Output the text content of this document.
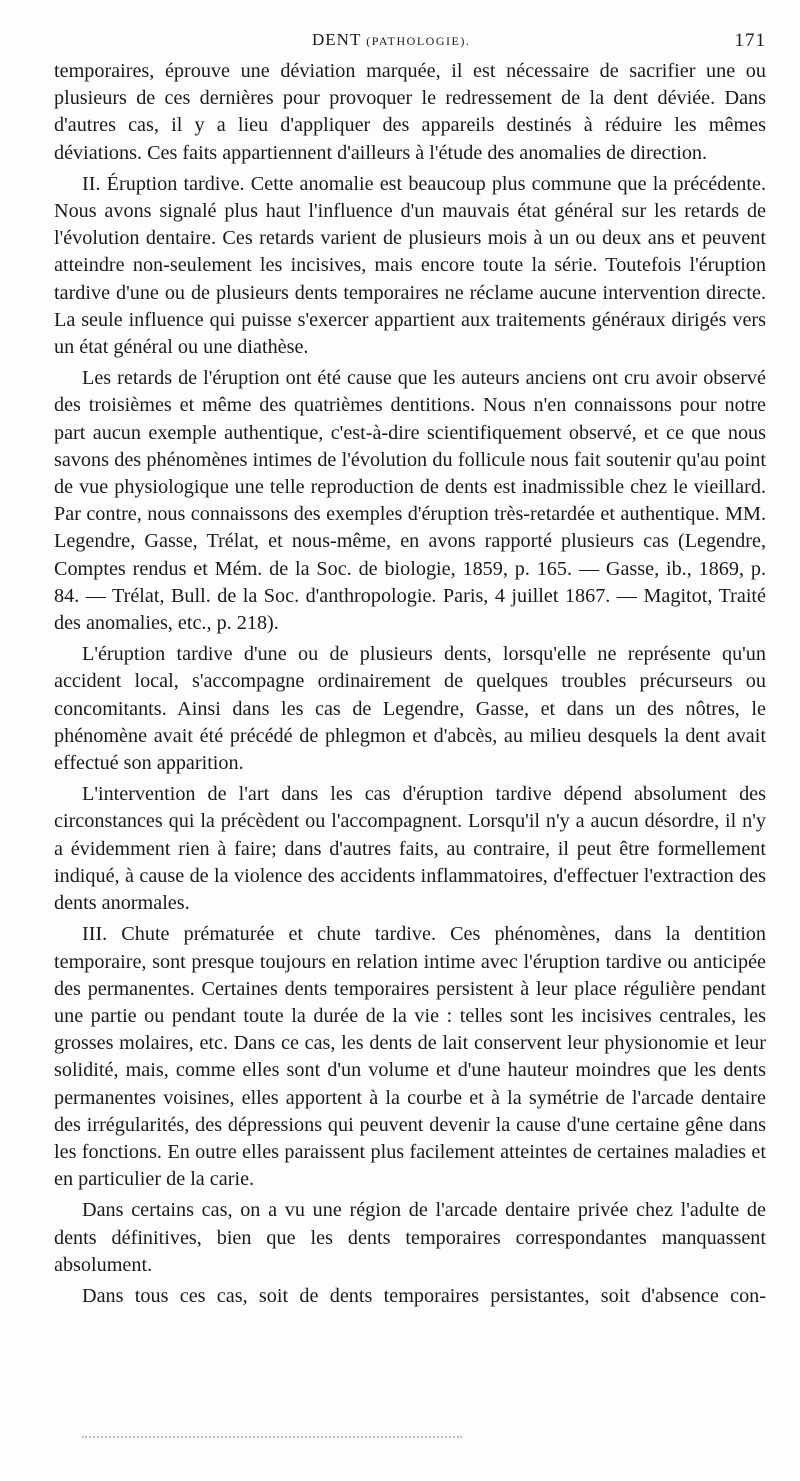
DENT (PATHOLOGIE).	171

temporaires, éprouve une déviation marquée, il est nécessaire de sacrifier une ou plusieurs de ces dernières pour provoquer le redressement de la dent déviée. Dans d'autres cas, il y a lieu d'appliquer des appareils destinés à réduire les mêmes déviations. Ces faits appartiennent d'ailleurs à l'étude des anomalies de direction.

II. Éruption tardive. Cette anomalie est beaucoup plus commune que la précédente. Nous avons signalé plus haut l'influence d'un mauvais état général sur les retards de l'évolution dentaire. Ces retards varient de plusieurs mois à un ou deux ans et peuvent atteindre non-seulement les incisives, mais encore toute la série. Toutefois l'éruption tardive d'une ou de plusieurs dents temporaires ne réclame aucune intervention directe. La seule influence qui puisse s'exercer appartient aux traitements généraux dirigés vers un état général ou une diathèse.

Les retards de l'éruption ont été cause que les auteurs anciens ont cru avoir observé des troisièmes et même des quatrièmes dentitions. Nous n'en connaissons pour notre part aucun exemple authentique, c'est-à-dire scientifiquement observé, et ce que nous savons des phénomènes intimes de l'évolution du follicule nous fait soutenir qu'au point de vue physiologique une telle reproduction de dents est inadmissible chez le vieillard. Par contre, nous connaissons des exemples d'éruption très-retardée et authentique. MM. Legendre, Gasse, Trélat, et nous-même, en avons rapporté plusieurs cas (Legendre, Comptes rendus et Mém. de la Soc. de biologie, 1859, p. 165. — Gasse, ib., 1869, p. 84. — Trélat, Bull. de la Soc. d'anthropologie. Paris, 4 juillet 1867. — Magitot, Traité des anomalies, etc., p. 218).

L'éruption tardive d'une ou de plusieurs dents, lorsqu'elle ne représente qu'un accident local, s'accompagne ordinairement de quelques troubles précurseurs ou concomitants. Ainsi dans les cas de Legendre, Gasse, et dans un des nôtres, le phénomène avait été précédé de phlegmon et d'abcès, au milieu desquels la dent avait effectué son apparition.

L'intervention de l'art dans les cas d'éruption tardive dépend absolument des circonstances qui la précèdent ou l'accompagnent. Lorsqu'il n'y a aucun désordre, il n'y a évidemment rien à faire; dans d'autres faits, au contraire, il peut être formellement indiqué, à cause de la violence des accidents inflammatoires, d'effectuer l'extraction des dents anormales.

III. Chute prématurée et chute tardive. Ces phénomènes, dans la dentition temporaire, sont presque toujours en relation intime avec l'éruption tardive ou anticipée des permanentes. Certaines dents temporaires persistent à leur place régulière pendant une partie ou pendant toute la durée de la vie : telles sont les incisives centrales, les grosses molaires, etc. Dans ce cas, les dents de lait conservent leur physionomie et leur solidité, mais, comme elles sont d'un volume et d'une hauteur moindres que les dents permanentes voisines, elles apportent à la courbe et à la symétrie de l'arcade dentaire des irrégularités, des dépressions qui peuvent devenir la cause d'une certaine gêne dans les fonctions. En outre elles paraissent plus facilement atteintes de certaines maladies et en particulier de la carie.

Dans certains cas, on a vu une région de l'arcade dentaire privée chez l'adulte de dents définitives, bien que les dents temporaires correspondantes manquassent absolument.

Dans tous ces cas, soit de dents temporaires persistantes, soit d'absence con-
